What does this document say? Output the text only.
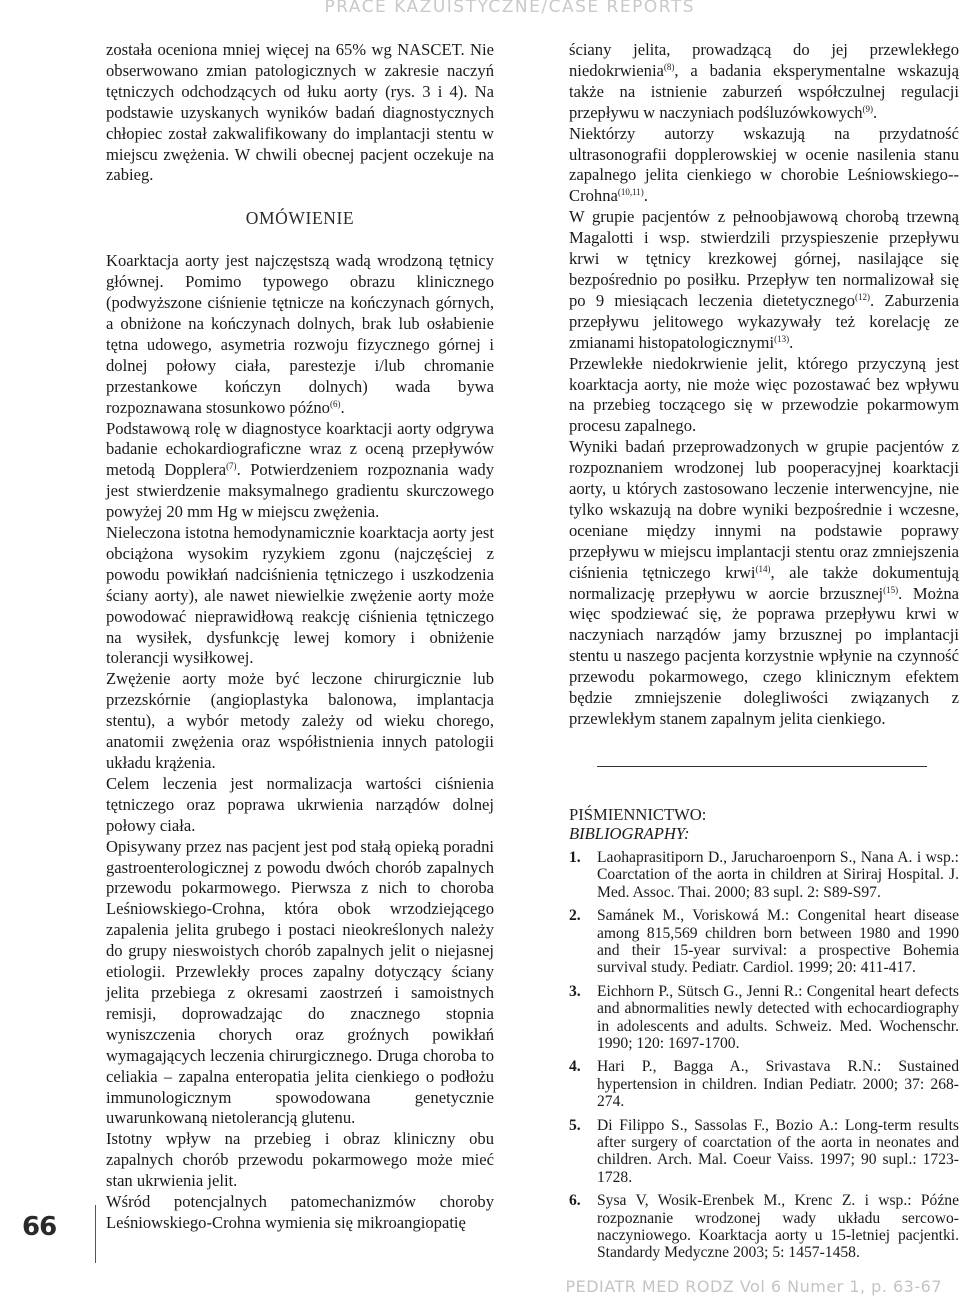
PRACE KAZUISTYCZNE/CASE REPORTS

została oceniona mniej więcej na 65% wg NASCET. Nie obserwowano zmian patologicznych w zakresie naczyń tętniczych odchodzących od łuku aorty (rys. 3 i 4). Na podstawie uzyskanych wyników badań diagnostycznych chłopiec został zakwalifikowany do implantacji stentu w miejscu zwężenia. W chwili obecnej pacjent oczekuje na zabieg.

OMÓWIENIE

Koarktacja aorty jest najczęstszą wadą wrodzoną tętnicy głównej. Pomimo typowego obrazu klinicznego (podwyższone ciśnienie tętnicze na kończynach górnych, a obniżone na kończynach dolnych, brak lub osłabienie tętna udowego, asymetria rozwoju fizycznego górnej i dolnej połowy ciała, parestezje i/lub chromanie przestankowe kończyn dolnych) wada bywa rozpoznawana stosunkowo późno$^{(6)}$.

Podstawową rolę w diagnostyce koarktacji aorty odgrywa badanie echokardiograficzne wraz z oceną przepływów metodą Dopplera$^{(7)}$. Potwierdzeniem rozpoznania wady jest stwierdzenie maksymalnego gradientu skurczowego powyżej 20 mm Hg w miejscu zwężenia.

Nieleczona istotna hemodynamicznie koarktacja aorty jest obciążona wysokim ryzykiem zgonu (najczęściej z powodu powikłań nadciśnienia tętniczego i uszkodzenia ściany aorty), ale nawet niewielkie zwężenie aorty może powodować nieprawidłową reakcję ciśnienia tętniczego na wysiłek, dysfunkcję lewej komory i obniżenie tolerancji wysiłkowej.

Zwężenie aorty może być leczone chirurgicznie lub przezskórnie (angioplastyka balonowa, implantacja stentu), a wybór metody zależy od wieku chorego, anatomii zwężenia oraz współistnienia innych patologii układu krążenia.

Celem leczenia jest normalizacja wartości ciśnienia tętniczego oraz poprawa ukrwienia narządów dolnej połowy ciała.

Opisywany przez nas pacjent jest pod stałą opieką poradni gastroenterologicznej z powodu dwóch chorób zapalnych przewodu pokarmowego. Pierwsza z nich to choroba Leśniowskiego-Crohna, która obok wrzodziejącego zapalenia jelita grubego i postaci nieokreślonych należy do grupy nieswoistych chorób zapalnych jelit o niejasnej etiologii. Przewlekły proces zapalny dotyczący ściany jelita przebiega z okresami zaostrzeń i samoistnych remisji, doprowadzając do znacznego stopnia wyniszczenia chorych oraz groźnych powikłań wymagających leczenia chirurgicznego. Druga choroba to celiakia – zapalna enteropatia jelita cienkiego o podłożu immunologicznym spowodowana genetycznie uwarunkowaną nietolerancją glutenu.

Istotny wpływ na przebieg i obraz kliniczny obu zapalnych chorób przewodu pokarmowego może mieć stan ukrwienia jelit.

Wśród potencjalnych patomechanizmów choroby Leśniowskiego-Crohna wymienia się mikroangiopatię

ściany jelita, prowadzącą do jej przewlekłego niedokrwienia$^{(8)}$, a badania eksperymentalne wskazują także na istnienie zaburzeń współczulnej regulacji przepływu w naczyniach podśluzówkowych$^{(9)}$.

Niektórzy autorzy wskazują na przydatność ultrasonografii dopplerowskiej w ocenie nasilenia stanu zapalnego jelita cienkiego w chorobie Leśniowskiego--Crohna$^{(10,11)}$.

W grupie pacjentów z pełnoobjawową chorobą trzewną Magalotti i wsp. stwierdzili przyspieszenie przepływu krwi w tętnicy krezkowej górnej, nasilające się bezpośrednio po posiłku. Przepływ ten normalizował się po 9 miesiącach leczenia dietetycznego$^{(12)}$. Zaburzenia przepływu jelitowego wykazywały też korelację ze zmianami histopatologicznymi$^{(13)}$.

Przewlekłe niedokrwienie jelit, którego przyczyną jest koarktacja aorty, nie może więc pozostawać bez wpływu na przebieg toczącego się w przewodzie pokarmowym procesu zapalnego.

Wyniki badań przeprowadzonych w grupie pacjentów z rozpoznaniem wrodzonej lub pooperacyjnej koarktacji aorty, u których zastosowano leczenie interwencyjne, nie tylko wskazują na dobre wyniki bezpośrednie i wczesne, oceniane między innymi na podstawie poprawy przepływu w miejscu implantacji stentu oraz zmniejszenia ciśnienia tętniczego krwi$^{(14)}$, ale także dokumentują normalizację przepływu w aorcie brzusznej$^{(15)}$. Można więc spodziewać się, że poprawa przepływu krwi w naczyniach narządów jamy brzusznej po implantacji stentu u naszego pacjenta korzystnie wpłynie na czynność przewodu pokarmowego, czego klinicznym efektem będzie zmniejszenie dolegliwości związanych z przewlekłym stanem zapalnym jelita cienkiego.

PIŚMIENNICTWO:
BIBLIOGRAPHY:
1.	Laohaprasitiporn D., Jarucharoenporn S., Nana A. i wsp.: Coarctation of the aorta in children at Siriraj Hospital. J. Med. Assoc. Thai. 2000; 83 supl. 2: S89-S97.
2.	Samánek M., Voriskowá M.: Congenital heart disease among 815,569 children born between 1980 and 1990 and their 15-year survival: a prospective Bohemia survival study. Pediatr. Cardiol. 1999; 20: 411-417.
3.	Eichhorn P., Sütsch G., Jenni R.: Congenital heart defects and abnormalities newly detected with echocardiography in adolescents and adults. Schweiz. Med. Wochenschr. 1990; 120: 1697-1700.
4.	Hari P., Bagga A., Srivastava R.N.: Sustained hypertension in children. Indian Pediatr. 2000; 37: 268-274.
5.	Di Filippo S., Sassolas F., Bozio A.: Long-term results after surgery of coarctation of the aorta in neonates and children. Arch. Mal. Coeur Vaiss. 1997; 90 supl.: 1723-1728.
6.	Sysa V, Wosik-Erenbek M., Krenc Z. i wsp.: Późne rozpoznanie wrodzonej wady układu sercowo-naczyniowego. Koarktacja aorty u 15-letniej pacjentki. Standardy Medyczne 2003; 5: 1457-1458.
66
PEDIATR MED RODZ Vol 6 Numer 1, p. 63-67
